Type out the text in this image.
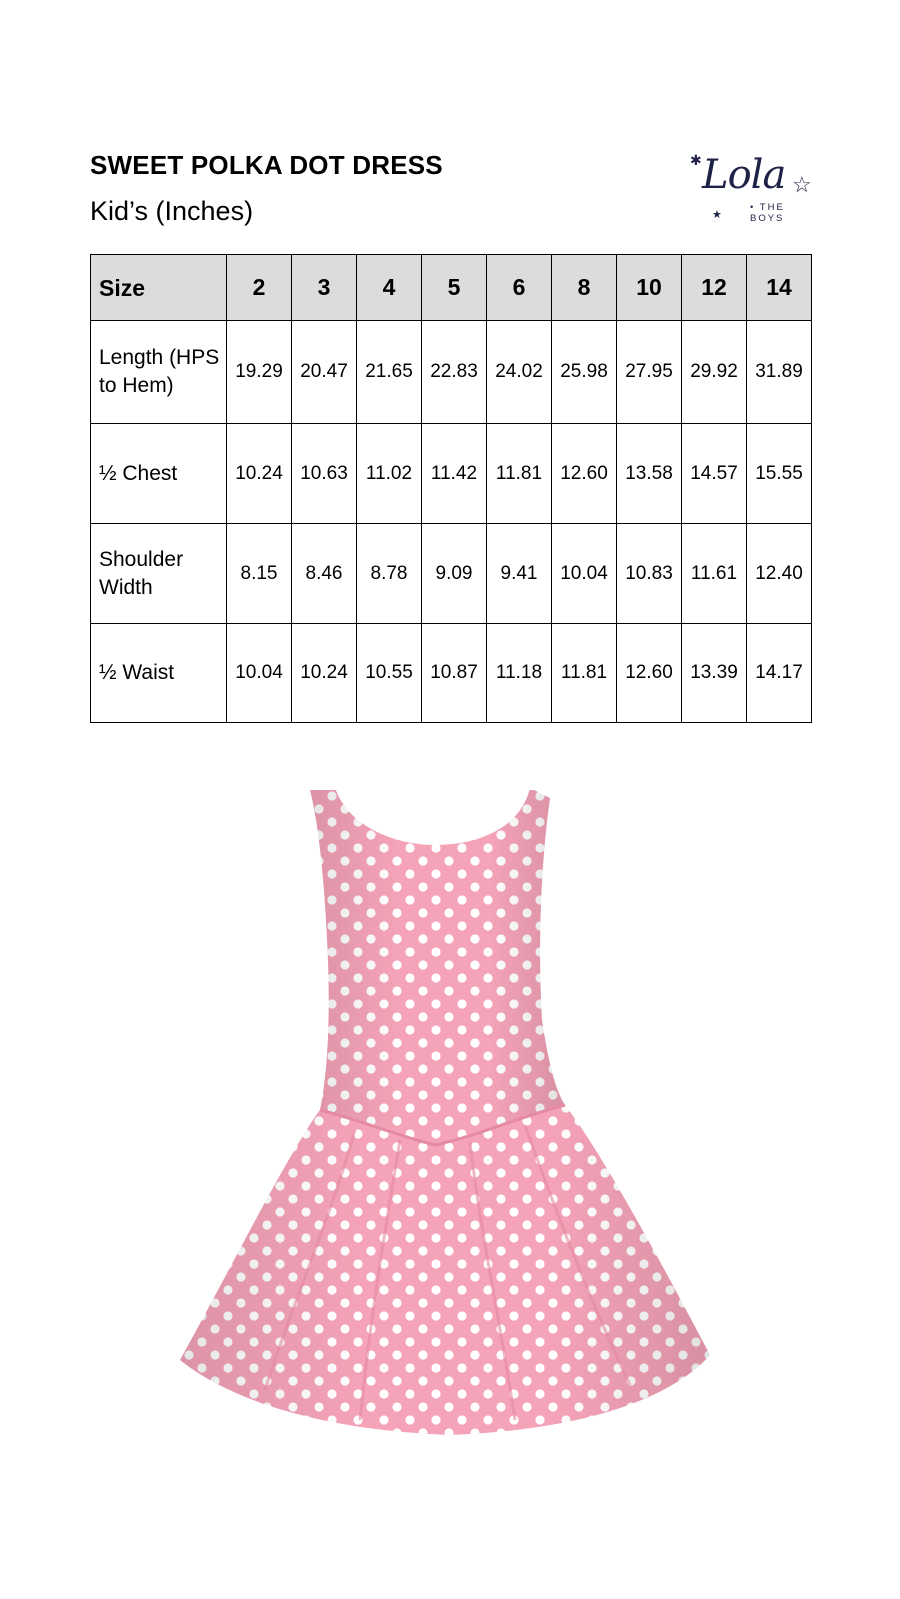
SWEET POLKA DOT DRESS
Kid’s (Inches)
✱ Lola ☆
★
• THE BOYS
Size	2	3	4	5	6	8	10	12	14
Length (HPS to Hem)	19.29	20.47	21.65	22.83	24.02	25.98	27.95	29.92	31.89
½ Chest	10.24	10.63	11.02	11.42	11.81	12.60	13.58	14.57	15.55
Shoulder Width	8.15	8.46	8.78	9.09	9.41	10.04	10.83	11.61	12.40
½ Waist	10.04	10.24	10.55	10.87	11.18	11.81	12.60	13.39	14.17
